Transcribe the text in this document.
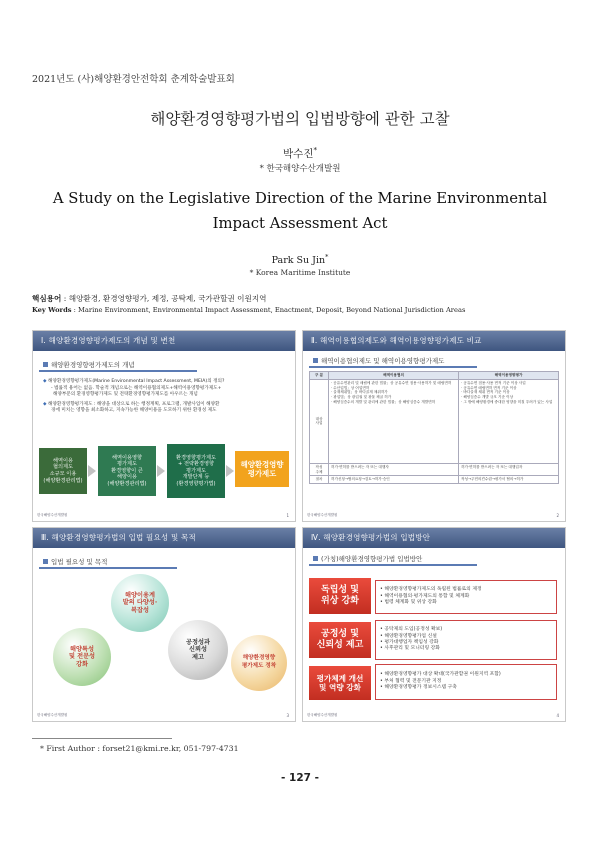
2021년도 (사)해양환경안전학회 춘계학술발표회
해양환경영향평가법의 입법방향에 관한 고찰
박수진*
* 한국해양수산개발원
A Study on the Legislative Direction of the Marine Environmental
Impact Assessment Act
Park Su Jin*
* Korea Maritime Institute
핵심용어 : 해양환경, 환경영향평가, 제정, 공탁제, 국가관할권 이원지역
Key Words : Marine Environment, Environmental Impact Assessment, Enactment, Deposit, Beyond National Jurisdiction Areas
Ⅰ. 해양환경영향평가제도의 개념 및 변천
해양환경영향평가제도의 개념
◆ 해양환경영향평가제도(Marine Environmental Impact Assessment, MEIA)의 정의?
- 법률적 용어는 없음. 학술적 개념으로는 해역이용협의제도+해역이용영향평가제도+
해양부문의 환경영향평가제도 및 전략환경영향평가제도를 아우르는 개념
◆ 해양환경영향평가제도 : 해양을 대상으로 하는 행정계획, 프로그램, 개발사업이 해양환
경에 미치는 영향을 최소화하고, 지속가능한 해양이용을 도모하기 위한 환경성 제도
해역이용
협의제도
소규모 이용
(해양환경관리법)
해역이용영향
평가제도
환경영향이 큰
해양이용
(해양환경관리법)
환경영향평가제도
+ 전략환경영향
평가제도
개발단계 등
(환경영향평가법)
해양환경영향
평가제도
한국해양수산개발원	1
Ⅱ. 해역이용협의제도와 해역이용영향평가제도 비교
해역이용협의제도 및 해역이용영향평가제도
구 분	해역이용협의	해역이용영향평가
대상
사업	· 공유수면관리 및 매립에 관한 법률」상 공유수면 점용·사용허가 및 매립면허
· 수산업법」상 어업면허
· 골재채취법」상 바다골재 채취허가
· 광업법」상 광업권 및 광물 채굴 허가
· 해양심층수의 개발 및 관리에 관한 법률」상 해양심층수 개발면허	· 공유수면 점용·사용 면적 기준 이상 사업
· 공유수면 매립면허 면적 기준 이상
· 바다골재 채취 면적 기준 이상
· 해양심층수 개발 규모 기준 이상
· 그 밖에 해양환경에 중대한 영향을 미칠 우려가 있는 사업
작성
주체	허가·면허를 받으려는 자 또는 대행자	허가·면허를 받으려는 자 또는 대행업자
절차	허가신청→협의요청→검토→허가·승인	작성→주민의견수렴→평가서 협의→허가
한국해양수산개발원	2
Ⅲ. 해양환경영향평가법의 입법 필요성 및 목적
입법 필요성 및 목적
해양이용계
발의 다양성·
복잡성
공정성과
신뢰성
제고
해양특성
및 전문성
강화
해양환경영향
평가제도 정착
한국해양수산개발원	3
Ⅳ. 해양환경영향평가법의 입법방안
(가칭)해양환경영향평가법 입법방안
독립성 및
위상 강화
• 해양환경영향평가제도의 독립된 법률로의 제정
• 해역이용협의·평가제도의 통합 및 체계화
• 법령 체계화 및 위상 강화
공정성 및
신뢰성 제고
• 공탁제의 도입(공정성 확보)
• 해양환경영향평가업 신설
• 평가대행업자 책임성 강화
• 사후관리 및 모니터링 강화
평가체계 개선
및 역량 강화
• 해양환경영향평가 대상 확대(국가관할권 이원지역 포함)
• 부처 협력 및 전문기관 지정
• 해양환경영향평가 정보시스템 구축
한국해양수산개발원	4
* First Author : forset21@kmi.re.kr, 051-797-4731
- 127 -
